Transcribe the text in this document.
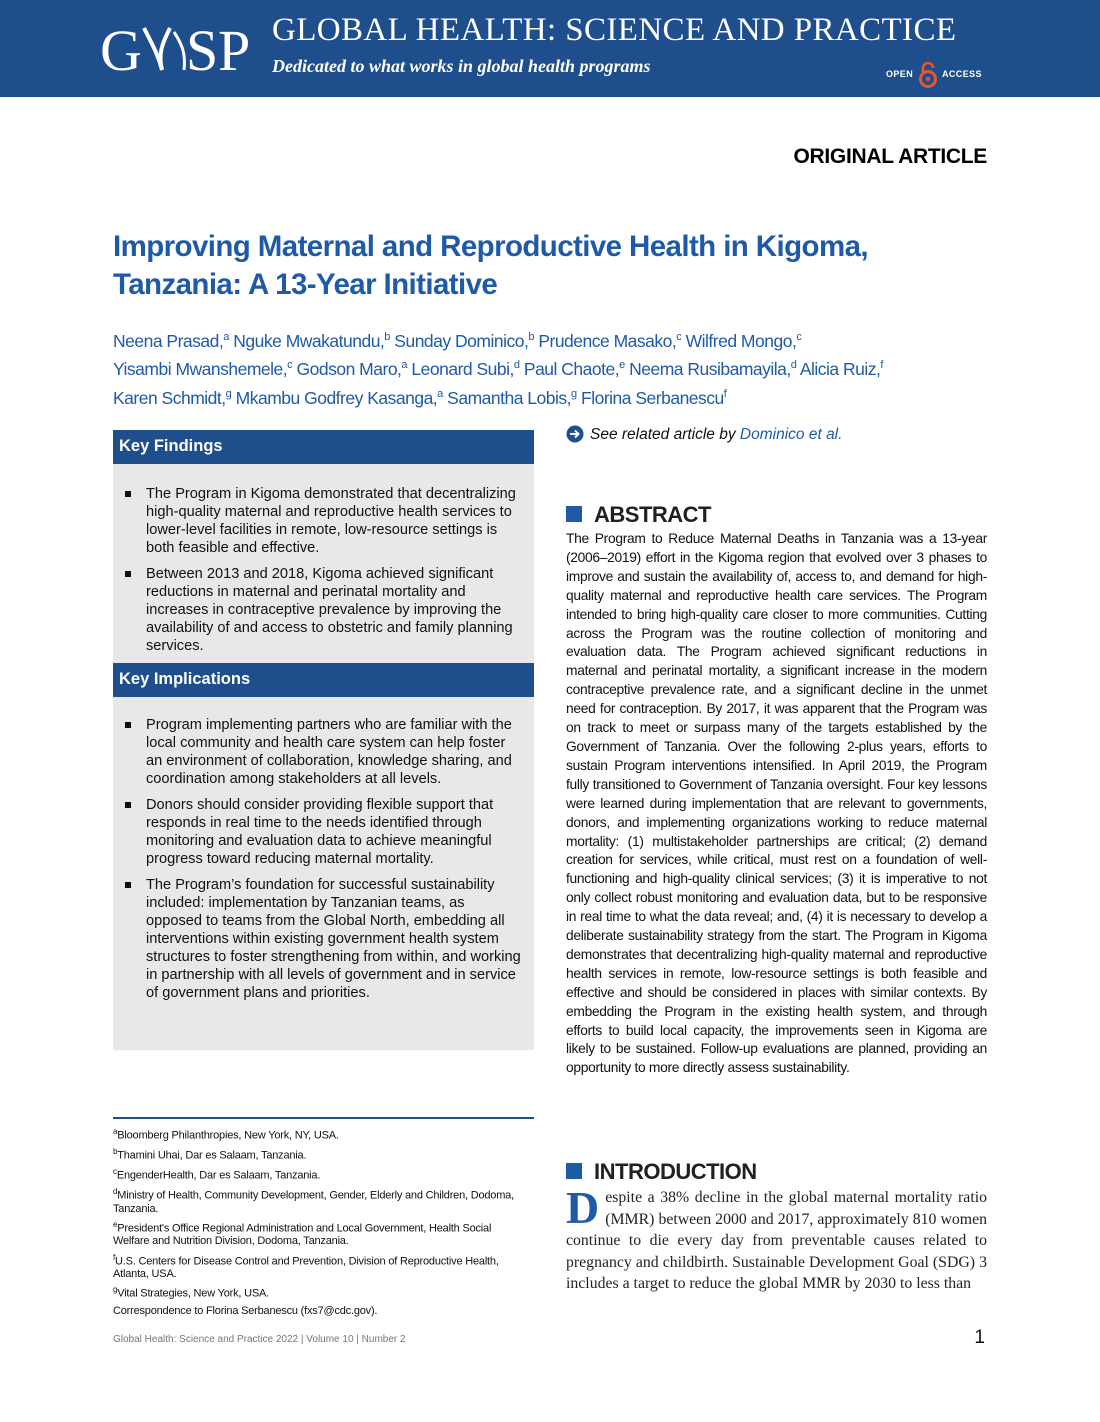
G S P GLOBAL HEALTH: SCIENCE AND PRACTICE
Dedicated to what works in global health programs	OPEN	ACCESS
ORIGINAL ARTICLE
Improving Maternal and Reproductive Health in Kigoma, Tanzania: A 13-Year Initiative
Neena Prasad,$^a$ Nguke Mwakatundu,$^b$ Sunday Dominico,$^b$ Prudence Masako,$^c$ Wilfred Mongo,$^c$
Yisambi Mwanshemele,$^c$ Godson Maro,$^a$ Leonard Subi,$^d$ Paul Chaote,$^e$ Neema Rusibamayila,$^d$ Alicia Ruiz,$^f$
Karen Schmidt,$^g$ Mkambu Godfrey Kasanga,$^a$ Samantha Lobis,$^g$ Florina Serbanescu$^f$
Key Findings
The Program in Kigoma demonstrated that decentralizing high-quality maternal and reproductive health services to lower-level facilities in remote, low-resource settings is both feasible and effective.
Between 2013 and 2018, Kigoma achieved significant reductions in maternal and perinatal mortality and increases in contraceptive prevalence by improving the availability of and access to obstetric and family planning services.
Key Implications
Program implementing partners who are familiar with the local community and health care system can help foster an environment of collaboration, knowledge sharing, and coordination among stakeholders at all levels.
Donors should consider providing flexible support that responds in real time to the needs identified through monitoring and evaluation data to achieve meaningful progress toward reducing maternal mortality.
The Program’s foundation for successful sustainability included: implementation by Tanzanian teams, as opposed to teams from the Global North, embedding all interventions within existing government health system structures to foster strengthening from within, and working in partnership with all levels of government and in service of government plans and priorities.
$^a$Bloomberg Philanthropies, New York, NY, USA.
$^b$Thamini Uhai, Dar es Salaam, Tanzania.
$^c$EngenderHealth, Dar es Salaam, Tanzania.
$^d$Ministry of Health, Community Development, Gender, Elderly and Children, Dodoma, Tanzania.
$^e$President's Office Regional Administration and Local Government, Health Social Welfare and Nutrition Division, Dodoma, Tanzania.
$^f$U.S. Centers for Disease Control and Prevention, Division of Reproductive Health, Atlanta, USA.
$^g$Vital Strategies, New York, USA.
Correspondence to Florina Serbanescu (fxs7@cdc.gov).
See related article by Dominico et al.
ABSTRACT
The Program to Reduce Maternal Deaths in Tanzania was a 13-year (2006–2019) effort in the Kigoma region that evolved over 3 phases to improve and sustain the availability of, access to, and demand for high-quality maternal and reproductive health care services. The Program intended to bring high-quality care closer to more communities. Cutting across the Program was the routine collection of monitoring and evaluation data. The Program achieved significant reductions in maternal and perinatal mortality, a significant increase in the modern contraceptive prevalence rate, and a significant decline in the unmet need for contraception. By 2017, it was apparent that the Program was on track to meet or surpass many of the targets established by the Government of Tanzania. Over the following 2-plus years, efforts to sustain Program interventions intensified. In April 2019, the Program fully transitioned to Government of Tanzania oversight. Four key lessons were learned during implementation that are relevant to governments, donors, and implementing organizations working to reduce maternal mortality: (1) multistakeholder partnerships are critical; (2) demand creation for services, while critical, must rest on a foundation of well-functioning and high-quality clinical services; (3) it is imperative to not only collect robust monitoring and evaluation data, but to be responsive in real time to what the data reveal; and, (4) it is necessary to develop a deliberate sustainability strategy from the start. The Program in Kigoma demonstrates that decentralizing high-quality maternal and reproductive health services in remote, low-resource settings is both feasible and effective and should be considered in places with similar contexts. By embedding the Program in the existing health system, and through efforts to build local capacity, the improvements seen in Kigoma are likely to be sustained. Follow-up evaluations are planned, providing an opportunity to more directly assess sustainability.
INTRODUCTION
Despite a 38% decline in the global maternal mortality ratio (MMR) between 2000 and 2017, approximately 810 women continue to die every day from preventable causes related to pregnancy and childbirth. Sustainable Development Goal (SDG) 3 includes a target to reduce the global MMR by 2030 to less than
Global Health: Science and Practice 2022 | Volume 10 | Number 2	1
